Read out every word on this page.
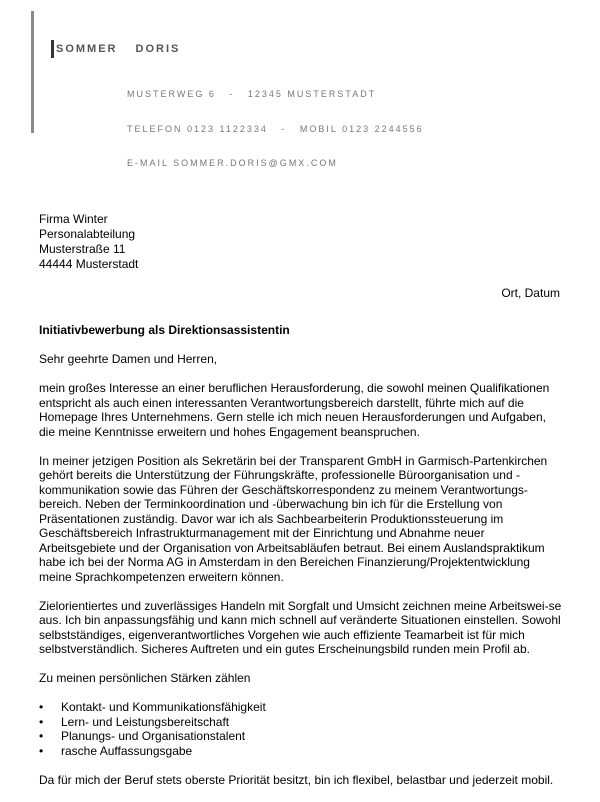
SOMMER DORIS

MUSTERWEG 6   -   12345 MUSTERSTADT

TELEFON 0123 1122334   -   MOBIL 0123 2244556

E-MAIL SOMMER.DORIS@GMX.COM

Firma Winter
Personalabteilung
Musterstraße 11
44444 Musterstadt
Ort, Datum

Initiativbewerbung als Direktionsassistentin

Sehr geehrte Damen und Herren,

mein großes Interesse an einer beruflichen Herausforderung, die sowohl meinen Qualifikationen entspricht als auch einen interessanten Verantwortungsbereich darstellt, führte mich auf die Homepage Ihres Unternehmens. Gern stelle ich mich neuen Herausforderungen und Aufgaben, die meine Kenntnisse erweitern und hohes Engagement beanspruchen.

In meiner jetzigen Position als Sekretärin bei der Transparent GmbH in Garmisch-Partenkirchen gehört bereits die Unterstützung der Führungskräfte, professionelle Büroorganisation und -kommunikation sowie das Führen der Geschäftskorrespondenz zu meinem Verantwortungs-bereich. Neben der Terminkoordination und -überwachung bin ich für die Erstellung von Präsentationen zuständig. Davor war ich als Sachbearbeiterin Produktionssteuerung im Geschäftsbereich Infrastrukturmanagement mit der Einrichtung und Abnahme neuer Arbeitsgebiete und der Organisation von Arbeitsabläufen betraut. Bei einem Auslandspraktikum habe ich bei der Norma AG in Amsterdam in den Bereichen Finanzierung/Projektentwicklung meine Sprachkompetenzen erweitern können.

Zielorientiertes und zuverlässiges Handeln mit Sorgfalt und Umsicht zeichnen meine Arbeitswei-se aus. Ich bin anpassungsfähig und kann mich schnell auf veränderte Situationen einstellen. Sowohl selbstständiges, eigenverantwortliches Vorgehen wie auch effiziente Teamarbeit ist für mich selbstverständlich. Sicheres Auftreten und ein gutes Erscheinungsbild runden mein Profil ab.

Zu meinen persönlichen Stärken zählen

• Kontakt- und Kommunikationsfähigkeit
• Lern- und Leistungsbereitschaft
• Planungs- und Organisationstalent
• rasche Auffassungsgabe

Da für mich der Beruf stets oberste Priorität besitzt, bin ich flexibel, belastbar und jederzeit mobil.
